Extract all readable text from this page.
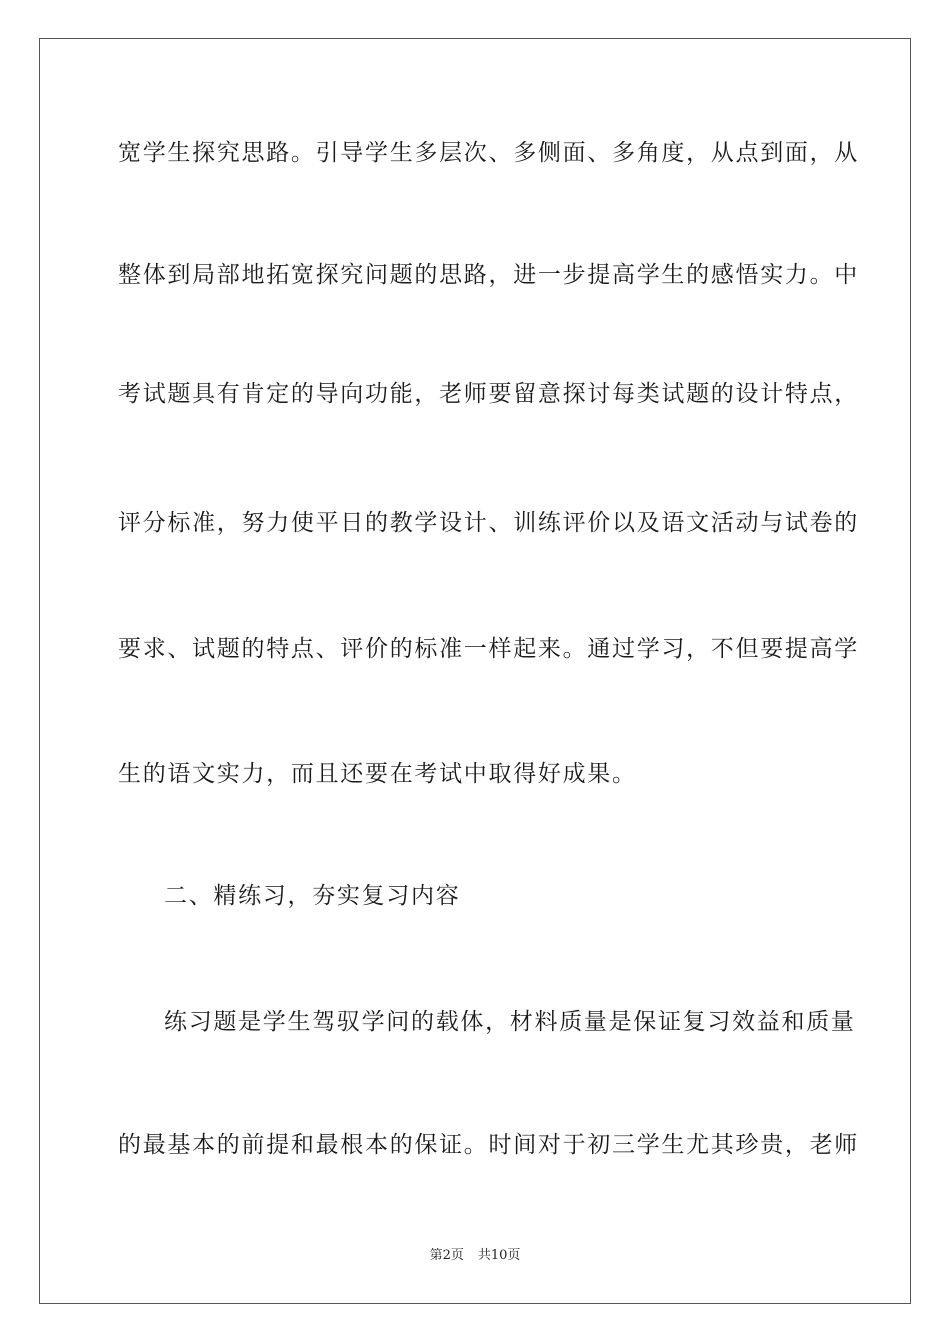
宽学生探究思路。引导学生多层次、多侧面、多角度，从点到面，从
整体到局部地拓宽探究问题的思路，进一步提高学生的感悟实力。中
考试题具有肯定的导向功能，老师要留意探讨每类试题的设计特点，
评分标准，努力使平日的教学设计、训练评价以及语文活动与试卷的
要求、试题的特点、评价的标准一样起来。通过学习，不但要提高学
生的语文实力，而且还要在考试中取得好成果。
二、精练习，夯实复习内容
练习题是学生驾驭学问的载体，材料质量是保证复习效益和质量
的最基本的前提和最根本的保证。时间对于初三学生尤其珍贵，老师
第2页 共10页
